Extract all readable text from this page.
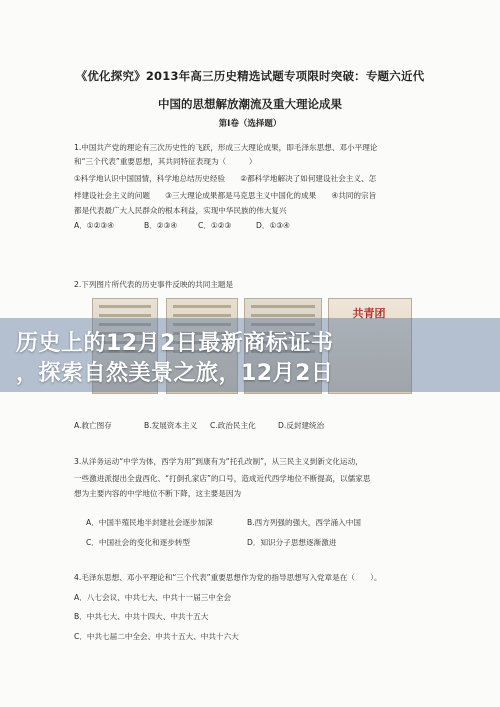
《优化探究》2013年高三历史精选试题专项限时突破：专题六近代
中国的思想解放潮流及重大理论成果
第Ⅰ卷（选择题）
1.中国共产党的理论有三次历史性的飞跃，形成三大理论成果，即毛泽东思想、邓小平理论
和“三个代表”重要思想，其共同特征表现为（　　　）
①科学地认识中国国情，科学地总结历史经验　　②都科学地解决了如何建设社会主义、怎
样建设社会主义的问题　　③三大理论成果都是马克思主义中国化的成果　　④共同的宗旨
都是代表最广大人民群众的根本利益，实现中华民族的伟大复兴
A．①②③④	B．②③④	C．①②③	D．①③④
2.下列图片所代表的历史事件反映的共同主题是
共青团
A.救亡图存	B.发展资本主义 C.政治民主化	D.反封建统治
3.从洋务运动“中学为体，西学为用”到康有为“托孔改制”，从三民主义到新文化运动，
一些激进派提出全盘西化、“打倒孔家店”的口号，造成近代西学地位不断提高，以儒家思
想为主要内容的中学地位不断下降，这主要是因为
A．中国半殖民地半封建社会逐步加深	B.西方列强的强大，西学涌入中国
C．中国社会的变化和逐步转型	D．知识分子思想逐渐激进
4.毛泽东思想、邓小平理论和“三个代表”重要思想作为党的指导思想写入党章是在（　　）。
A．八七会议、中共七大、中共十一届三中全会
B．中共七大、中共十四大、中共十五大
C．中共七届二中全会、中共十五大、中共十六大
历史上的12月2日最新商标证书
，探索自然美景之旅，12月2日
